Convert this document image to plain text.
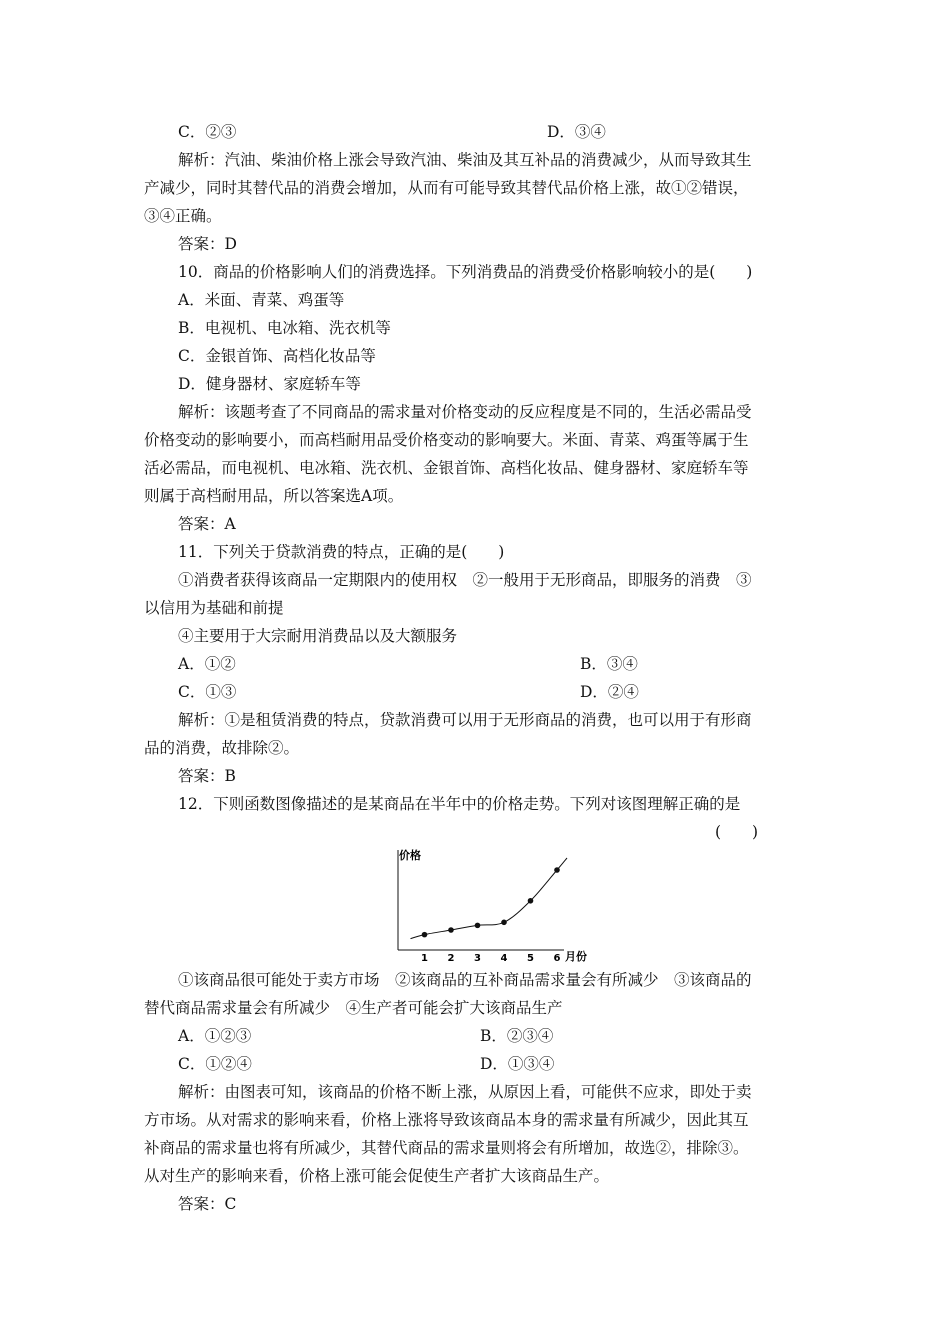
C．②③	D．③④
解析：汽油、柴油价格上涨会导致汽油、柴油及其互补品的消费减少，从而导致其生
产减少，同时其替代品的消费会增加，从而有可能导致其替代品价格上涨，故①②错误，
③④正确。
答案：D
10．商品的价格影响人们的消费选择。下列消费品的消费受价格影响较小的是(　　)
A．米面、青菜、鸡蛋等
B．电视机、电冰箱、洗衣机等
C．金银首饰、高档化妆品等
D．健身器材、家庭轿车等
解析：该题考查了不同商品的需求量对价格变动的反应程度是不同的，生活必需品受
价格变动的影响要小，而高档耐用品受价格变动的影响要大。米面、青菜、鸡蛋等属于生
活必需品，而电视机、电冰箱、洗衣机、金银首饰、高档化妆品、健身器材、家庭轿车等
则属于高档耐用品，所以答案选A项。
答案：A
11．下列关于贷款消费的特点，正确的是(　　)
①消费者获得该商品一定期限内的使用权　②一般用于无形商品，即服务的消费　③
以信用为基础和前提
④主要用于大宗耐用消费品以及大额服务
A．①②	B．③④
C．①③	D．②④
解析：①是租赁消费的特点，贷款消费可以用于无形商品的消费，也可以用于有形商
品的消费，故排除②。
答案：B
12．下则函数图像描述的是某商品在半年中的价格走势。下列对该图理解正确的是
(　　)
价格
月份
1 2 3 4 5 6
①该商品很可能处于卖方市场　②该商品的互补商品需求量会有所减少　③该商品的
替代商品需求量会有所减少　④生产者可能会扩大该商品生产
A．①②③	B．②③④
C．①②④	D．①③④
解析：由图表可知，该商品的价格不断上涨，从原因上看，可能供不应求，即处于卖
方市场。从对需求的影响来看，价格上涨将导致该商品本身的需求量有所减少，因此其互
补商品的需求量也将有所减少，其替代商品的需求量则将会有所增加，故选②，排除③。
从对生产的影响来看，价格上涨可能会促使生产者扩大该商品生产。
答案：C
